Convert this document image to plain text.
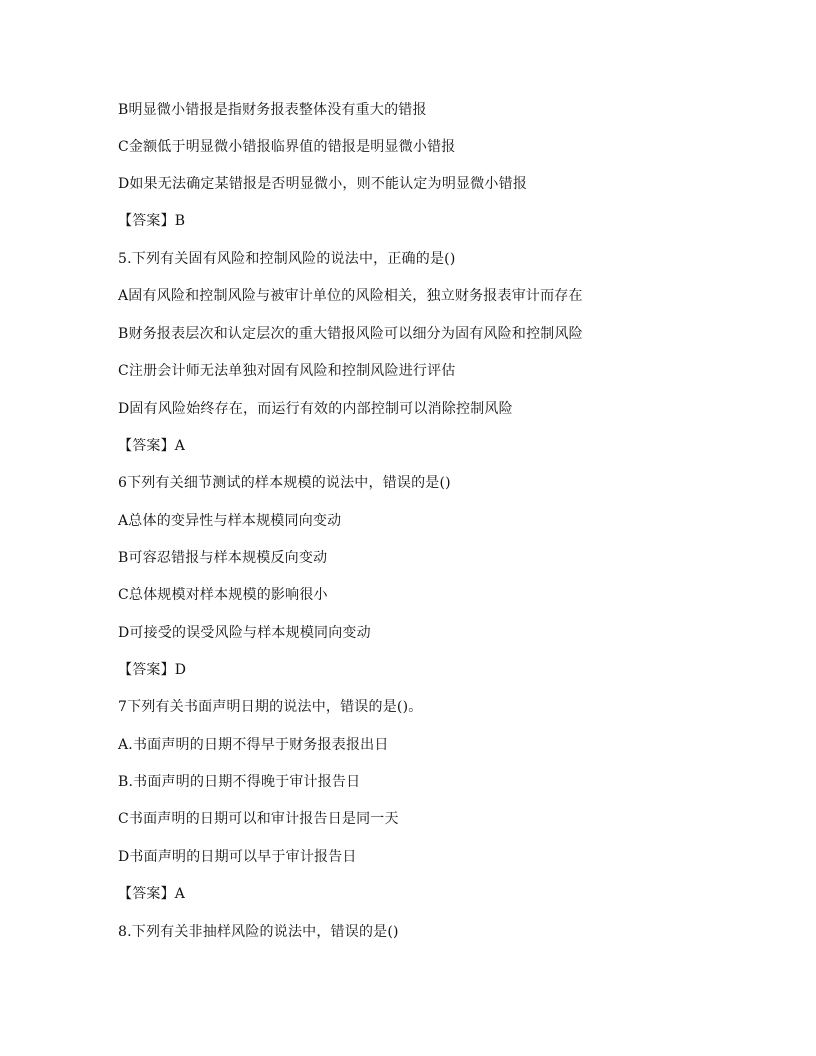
B明显微小错报是指财务报表整体没有重大的错报
C金额低于明显微小错报临界值的错报是明显微小错报
D如果无法确定某错报是否明显微小，则不能认定为明显微小错报
【答案】B
5.下列有关固有风险和控制风险的说法中，正确的是()
A固有风险和控制风险与被审计单位的风险相关，独立财务报表审计而存在
B财务报表层次和认定层次的重大错报风险可以细分为固有风险和控制风险
C注册会计师无法单独对固有风险和控制风险进行评估
D固有风险始终存在，而运行有效的内部控制可以消除控制风险
【答案】A
6下列有关细节测试的样本规模的说法中，错误的是()
A总体的变异性与样本规模同向变动
B可容忍错报与样本规模反向变动
C总体规模对样本规模的影响很小
D可接受的误受风险与样本规模同向变动
【答案】D
7下列有关书面声明日期的说法中，错误的是()。
A.书面声明的日期不得早于财务报表报出日
B.书面声明的日期不得晚于审计报告日
C书面声明的日期可以和审计报告日是同一天
D书面声明的日期可以早于审计报告日
【答案】A
8.下列有关非抽样风险的说法中，错误的是()
